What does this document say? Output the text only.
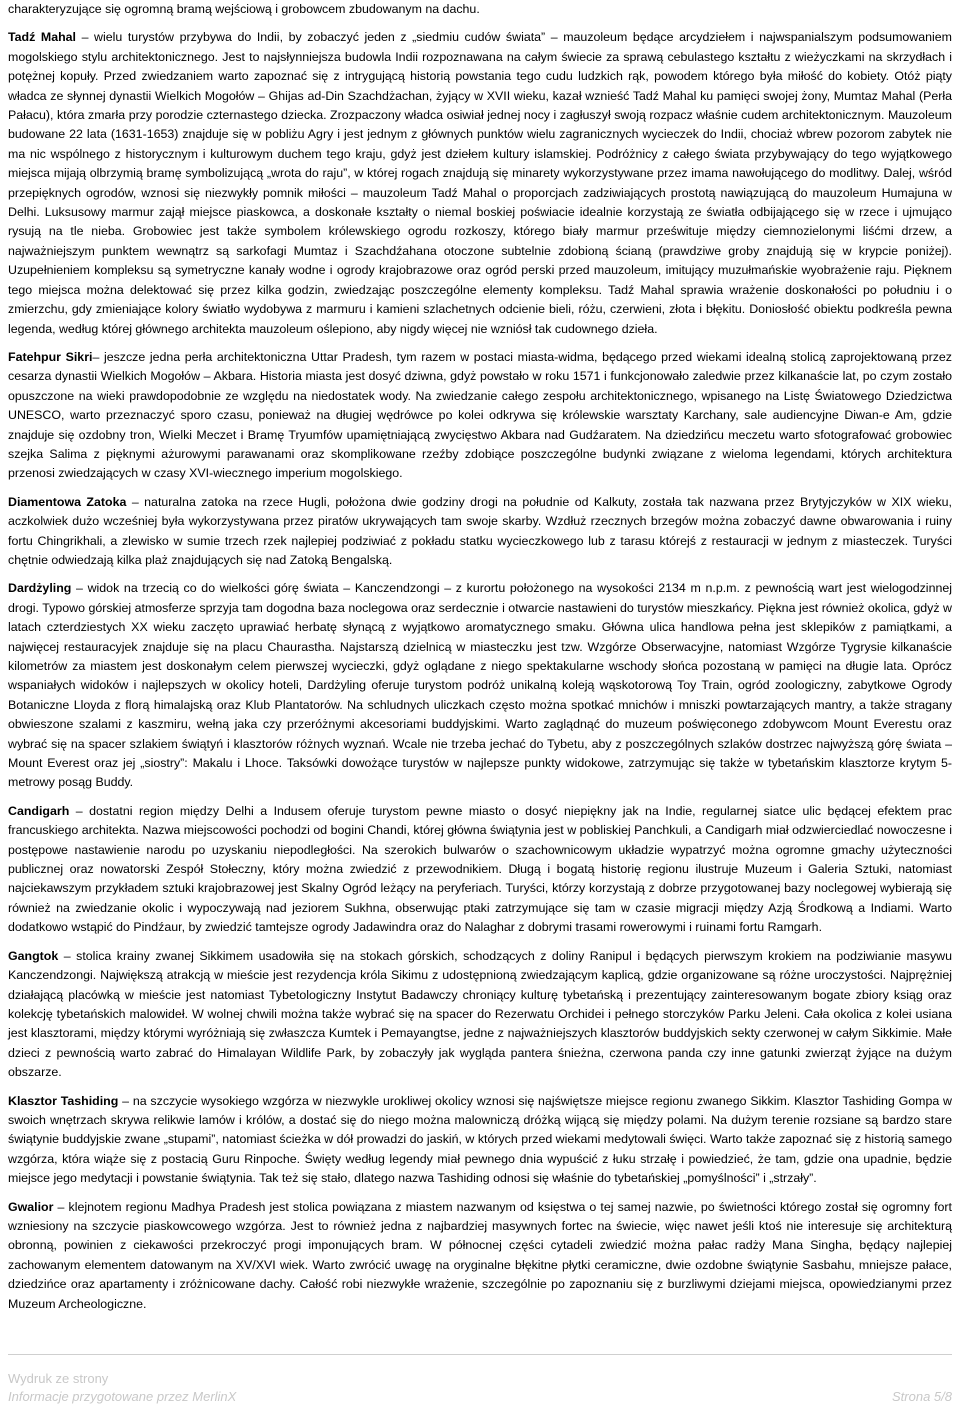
charakteryzujące się ogromną bramą wejściową i grobowcem zbudowanym na dachu.

Tadź Mahal – wielu turystów przybywa do Indii, by zobaczyć jeden z „siedmiu cudów świata” – mauzoleum będące arcydziełem i najwspanialszym podsumowaniem mogolskiego stylu architektonicznego. Jest to najsłynniejsza budowla Indii rozpoznawana na całym świecie za sprawą cebulastego kształtu z wieżyczkami na skrzydłach i potężnej kopuły. Przed zwiedzaniem warto zapoznać się z intrygującą historią powstania tego cudu ludzkich rąk, powodem którego była miłość do kobiety. Otóż piąty władca ze słynnej dynastii Wielkich Mogołów – Ghijas ad-Din Szachdżachan, żyjący w XVII wieku, kazał wznieść Tadź Mahal ku pamięci swojej żony, Mumtaz Mahal (Perła Pałacu), która zmarła przy porodzie czternastego dziecka. Zrozpaczony władca osiwiał jednej nocy i zagłuszył swoją rozpacz właśnie cudem architektonicznym. Mauzoleum budowane 22 lata (1631-1653) znajduje się w pobliżu Agry i jest jednym z głównych punktów wielu zagranicznych wycieczek do Indii, chociaż wbrew pozorom zabytek nie ma nic wspólnego z historycznym i kulturowym duchem tego kraju, gdyż jest dziełem kultury islamskiej. Podróżnicy z całego świata przybywający do tego wyjątkowego miejsca mijają olbrzymią bramę symbolizującą „wrota do raju”, w której rogach znajdują się minarety wykorzystywane przez imama nawołującego do modlitwy. Dalej, wśród przepięknych ogrodów, wznosi się niezwykły pomnik miłości – mauzoleum Tadź Mahal o proporcjach zadziwiających prostotą nawiązującą do mauzoleum Humajuna w Delhi. Luksusowy marmur zajął miejsce piaskowca, a doskonałe kształty o niemal boskiej poświacie idealnie korzystają ze światła odbijającego się w rzece i ujmująco rysują na tle nieba. Grobowiec jest także symbolem królewskiego ogrodu rozkoszy, którego biały marmur prześwituje między ciemnozielonymi liśćmi drzew, a najważniejszym punktem wewnątrz są sarkofagi Mumtaz i Szachdźahana otoczone subtelnie zdobioną ścianą (prawdziwe groby znajdują się w krypcie poniżej). Uzupełnieniem kompleksu są symetryczne kanały wodne i ogrody krajobrazowe oraz ogród perski przed mauzoleum, imitujący muzułmańskie wyobrażenie raju. Pięknem tego miejsca można delektować się przez kilka godzin, zwiedzając poszczególne elementy kompleksu. Tadź Mahal sprawia wrażenie doskonałości po południu i o zmierzchu, gdy zmieniające kolory światło wydobywa z marmuru i kamieni szlachetnych odcienie bieli, różu, czerwieni, złota i błękitu. Doniosłość obiektu podkreśla pewna legenda, według której głównego architekta mauzoleum oślepiono, aby nigdy więcej nie wzniósł tak cudownego dzieła.

Fatehpur Sikri– jeszcze jedna perła architektoniczna Uttar Pradesh, tym razem w postaci miasta-widma, będącego przed wiekami idealną stolicą zaprojektowaną przez cesarza dynastii Wielkich Mogołów – Akbara. Historia miasta jest dosyć dziwna, gdyż powstało w roku 1571 i funkcjonowało zaledwie przez kilkanaście lat, po czym zostało opuszczone na wieki prawdopodobnie ze względu na niedostatek wody. Na zwiedzanie całego zespołu architektonicznego, wpisanego na Listę Światowego Dziedzictwa UNESCO, warto przeznaczyć sporo czasu, ponieważ na długiej wędrówce po kolei odkrywa się królewskie warsztaty Karchany, sale audiencyjne Diwan-e Am, gdzie znajduje się ozdobny tron, Wielki Meczet i Bramę Tryumfów upamiętniającą zwycięstwo Akbara nad Gudźaratem. Na dziedzińcu meczetu warto sfotografować grobowiec szejka Salima z pięknymi ażurowymi parawanami oraz skomplikowane rzeźby zdobiące poszczególne budynki związane z wieloma legendami, których architektura przenosi zwiedzających w czasy XVI-wiecznego imperium mogolskiego.

Diamentowa Zatoka – naturalna zatoka na rzece Hugli, położona dwie godziny drogi na południe od Kalkuty, została tak nazwana przez Brytyjczyków w XIX wieku, aczkolwiek dużo wcześniej była wykorzystywana przez piratów ukrywających tam swoje skarby. Wzdłuż rzecznych brzegów można zobaczyć dawne obwarowania i ruiny fortu Chingrikhali, a zlewisko w sumie trzech rzek najlepiej podziwiać z pokładu statku wycieczkowego lub z tarasu którejś z restauracji w jednym z miasteczek. Turyści chętnie odwiedzają kilka plaż znajdujących się nad Zatoką Bengalską.

Dardżyling – widok na trzecią co do wielkości górę świata – Kanczendzongi – z kurortu położonego na wysokości 2134 m n.p.m. z pewnością wart jest wielogodzinnej drogi. Typowo górskiej atmosferze sprzyja tam dogodna baza noclegowa oraz serdecznie i otwarcie nastawieni do turystów mieszkańcy. Piękna jest również okolica, gdyż w latach czterdziestych XX wieku zaczęto uprawiać herbatę słynącą z wyjątkowo aromatycznego smaku. Główna ulica handlowa pełna jest sklepików z pamiątkami, a najwięcej restauracyjek znajduje się na placu Chaurastha. Najstarszą dzielnicą w miasteczku jest tzw. Wzgórze Obserwacyjne, natomiast Wzgórze Tygrysie kilkanaście kilometrów za miastem jest doskonałym celem pierwszej wycieczki, gdyż oglądane z niego spektakularne wschody słońca pozostaną w pamięci na długie lata. Oprócz wspaniałych widoków i najlepszych w okolicy hoteli, Dardżyling oferuje turystom podróż unikalną koleją wąskotorową Toy Train, ogród zoologiczny, zabytkowe Ogrody Botaniczne Lloyda z florą himalajską oraz Klub Plantatorów. Na schludnych uliczkach często można spotkać mnichów i mniszki powtarzających mantry, a także stragany obwieszone szalami z kaszmiru, wełną jaka czy przeróżnymi akcesoriami buddyjskimi. Warto zaglądnąć do muzeum poświęconego zdobywcom Mount Everestu oraz wybrać się na spacer szlakiem świątyń i klasztorów różnych wyznań. Wcale nie trzeba jechać do Tybetu, aby z poszczególnych szlaków dostrzec najwyższą górę świata – Mount Everest oraz jej „siostry”: Makalu i Lhoce. Taksówki dowożące turystów w najlepsze punkty widokowe, zatrzymując się także w tybetańskim klasztorze krytym 5-metrowy posąg Buddy.

Candigarh – dostatni region między Delhi a Indusem oferuje turystom pewne miasto o dosyć niepiękny jak na Indie, regularnej siatce ulic będącej efektem prac francuskiego architekta. Nazwa miejscowości pochodzi od bogini Chandi, której główna świątynia jest w pobliskiej Panchkuli, a Candigarh miał odzwierciedlać nowoczesne i postępowe nastawienie narodu po uzyskaniu niepodległości. Na szerokich bulwarów o szachownicowym układzie wypatrzyć można ogromne gmachy użyteczności publicznej oraz nowatorski Zespół Stołeczny, który można zwiedzić z przewodnikiem. Długą i bogatą historię regionu ilustruje Muzeum i Galeria Sztuki, natomiast najciekawszym przykładem sztuki krajobrazowej jest Skalny Ogród leżący na peryferiach. Turyści, którzy korzystają z dobrze przygotowanej bazy noclegowej wybierają się również na zwiedzanie okolic i wypoczywają nad jeziorem Sukhna, obserwując ptaki zatrzymujące się tam w czasie migracji między Azją Środkową a Indiami. Warto dodatkowo wstąpić do Pindźaur, by zwiedzić tamtejsze ogrody Jadawindra oraz do Nalaghar z dobrymi trasami rowerowymi i ruinami fortu Ramgarh.

Gangtok – stolica krainy zwanej Sikkimem usadowiła się na stokach górskich, schodzących z doliny Ranipul i będących pierwszym krokiem na podziwianie masywu Kanczendzongi. Największą atrakcją w mieście jest rezydencja króla Sikimu z udostępnioną zwiedzającym kaplicą, gdzie organizowane są różne uroczystości. Najprężniej działającą placówką w mieście jest natomiast Tybetologiczny Instytut Badawczy chroniący kulturę tybetańską i prezentujący zainteresowanym bogate zbiory ksiąg oraz kolekcję tybetańskich malowideł. W wolnej chwili można także wybrać się na spacer do Rezerwatu Orchidei i pełnego storczyków Parku Jeleni. Cała okolica z kolei usiana jest klasztorami, między którymi wyróżniają się zwłaszcza Kumtek i Pemayangtse, jedne z najważniejszych klasztorów buddyjskich sekty czerwonej w całym Sikkimie. Małe dzieci z pewnością warto zabrać do Himalayan Wildlife Park, by zobaczyły jak wygląda pantera śnieżna, czerwona panda czy inne gatunki zwierząt żyjące na dużym obszarze.

Klasztor Tashiding – na szczycie wysokiego wzgórza w niezwykle urokliwej okolicy wznosi się najświętsze miejsce regionu zwanego Sikkim. Klasztor Tashiding Gompa w swoich wnętrzach skrywa relikwie lamów i królów, a dostać się do niego można malowniczą dróżką wijącą się między polami. Na dużym terenie rozsiane są bardzo stare świątynie buddyjskie zwane „stupami”, natomiast ścieżka w dół prowadzi do jaskiń, w których przed wiekami medytowali święci. Warto także zapoznać się z historią samego wzgórza, która wiąże się z postacią Guru Rinpoche. Święty według legendy miał pewnego dnia wypuścić z łuku strzałę i powiedzieć, że tam, gdzie ona upadnie, będzie miejsce jego medytacji i powstanie świątynia. Tak też się stało, dlatego nazwa Tashiding odnosi się właśnie do tybetańskiej „pomyślności” i „strzały”.

Gwalior – klejnotem regionu Madhya Pradesh jest stolica powiązana z miastem nazwanym od księstwa o tej samej nazwie, po świetności którego został się ogromny fort wzniesiony na szczycie piaskowcowego wzgórza. Jest to również jedna z najbardziej masywnych fortec na świecie, więc nawet jeśli ktoś nie interesuje się architekturą obronną, powinien z ciekawości przekroczyć progi imponujących bram. W północnej części cytadeli zwiedzić można pałac radży Mana Singha, będący najlepiej zachowanym elementem datowanym na XV/XVI wiek. Warto zwrócić uwagę na oryginalne błękitne płytki ceramiczne, dwie ozdobne świątynie Sasbahu, mniejsze pałace, dziedzińce oraz apartamenty i zróżnicowane dachy. Całość robi niezwykłe wrażenie, szczególnie po zapoznaniu się z burzliwymi dziejami miejsca, opowiedzianymi przez Muzeum Archeologiczne.

Wydruk ze strony
Informacje przygotowane przez MerlinX	Strona 5/8
